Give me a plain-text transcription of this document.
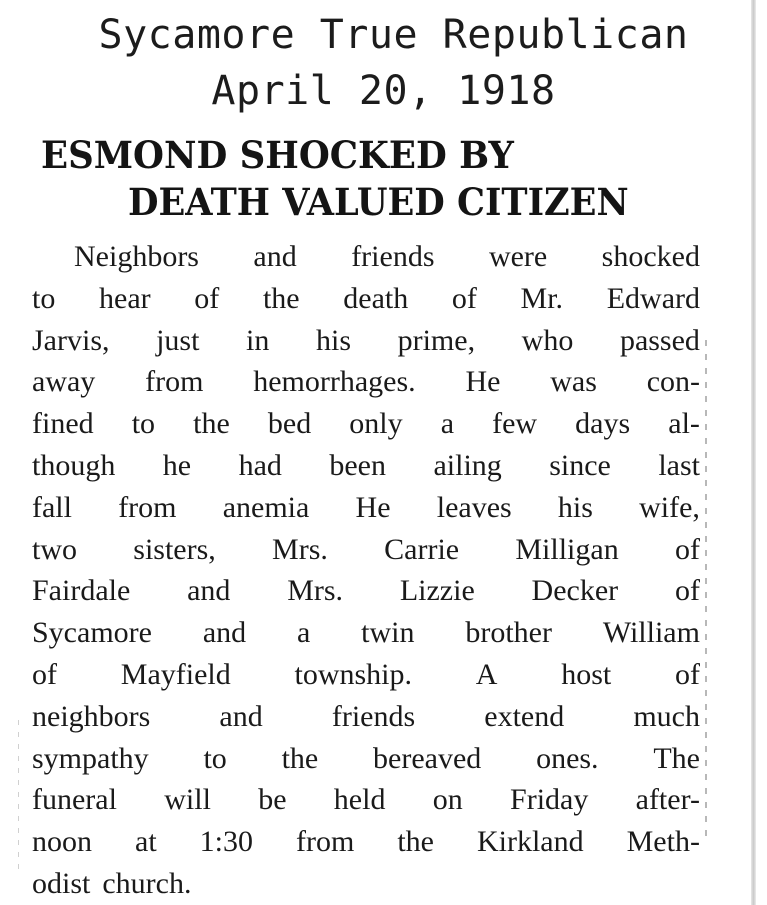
Sycamore True Republican
April 20, 1918
ESMOND SHOCKED BY
DEATH VALUED CITIZEN
Neighbors and friends were shocked
to hear of the death of Mr. Edward
Jarvis, just in his prime, who passed
away from hemorrhages. He was con-
fined to the bed only a few days al-
though he had been ailing since last
fall from anemia He leaves his wife,
two sisters, Mrs. Carrie Milligan of
Fairdale and Mrs. Lizzie Decker of
Sycamore and a twin brother William
of Mayfield township. A host of
neighbors and friends extend much
sympathy to the bereaved ones. The
funeral will be held on Friday after-
noon at 1:30 from the Kirkland Meth-
odist church.
